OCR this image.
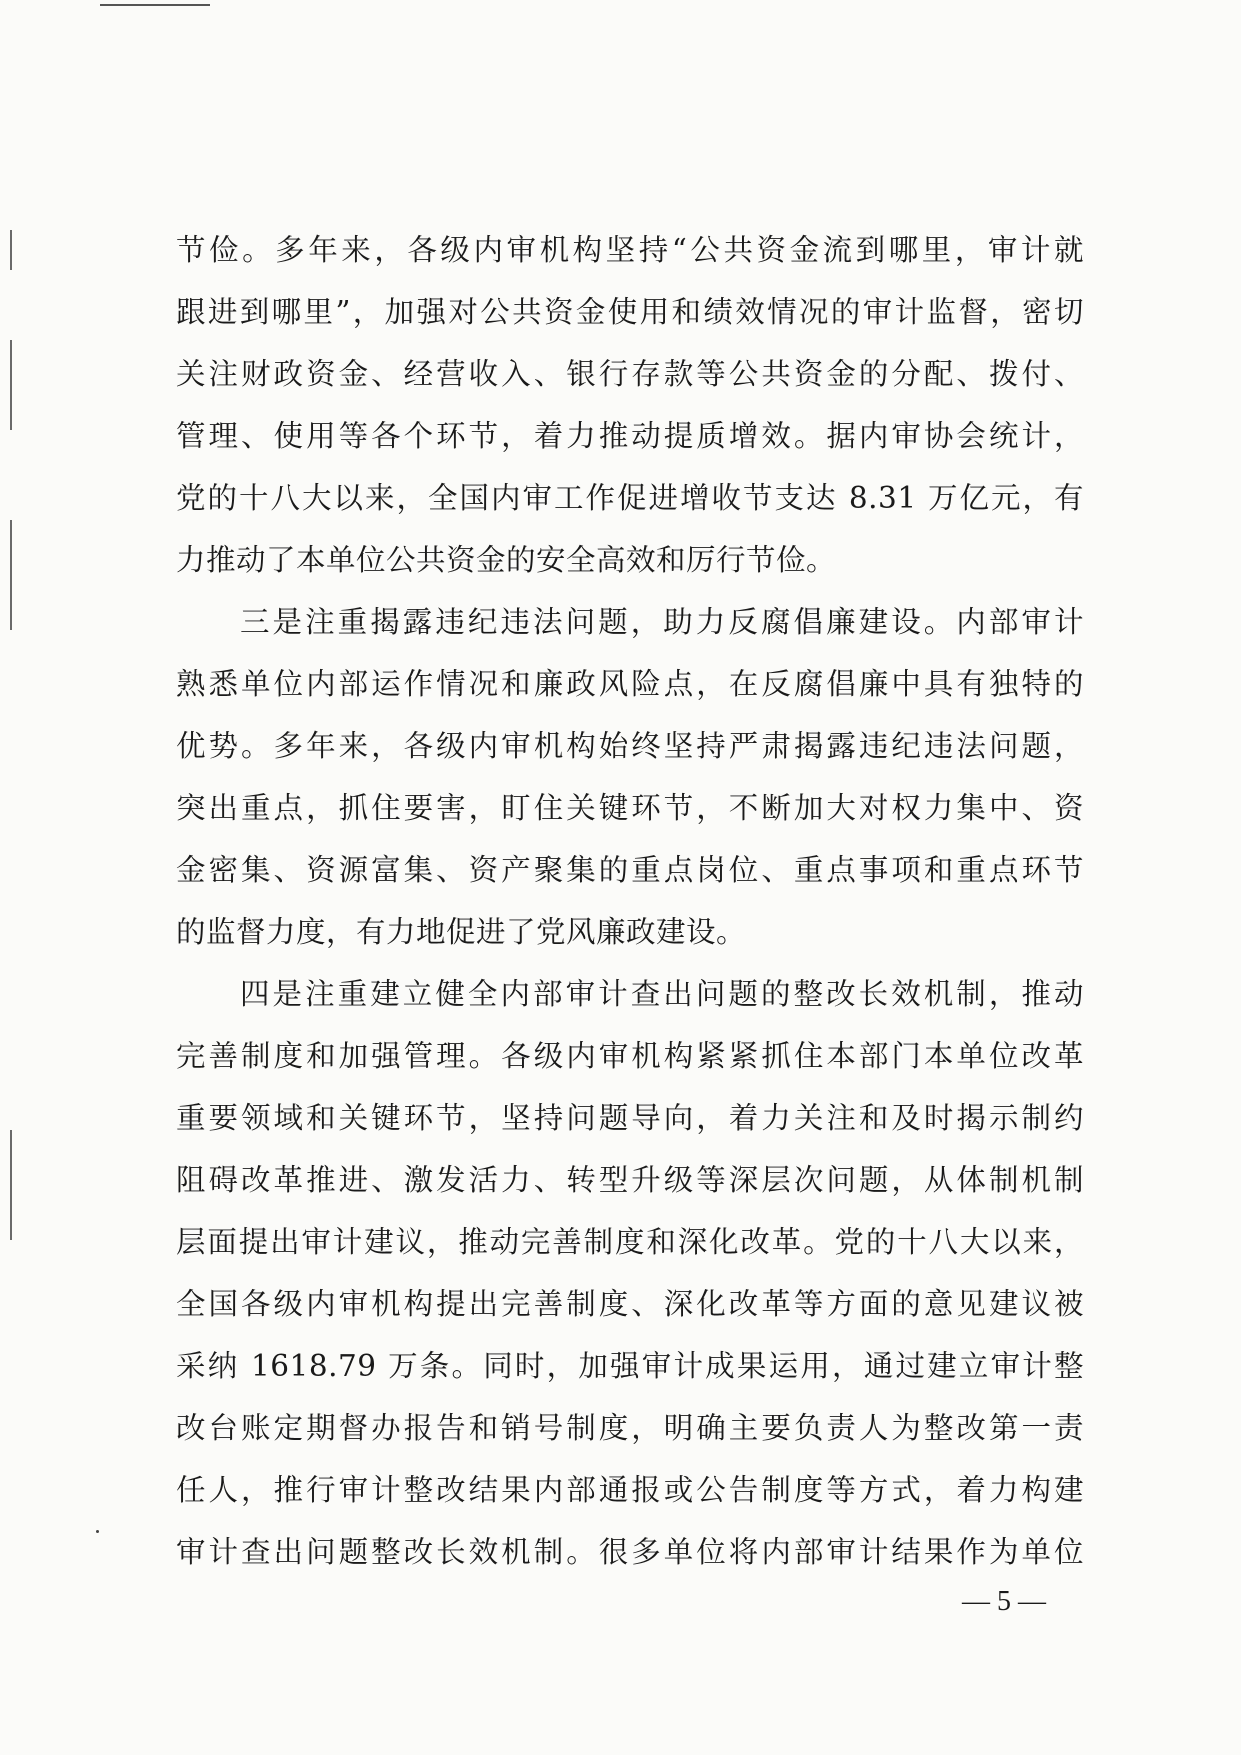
节俭。多年来，各级内审机构坚持“公共资金流到哪里，审计就
跟进到哪里”，加强对公共资金使用和绩效情况的审计监督，密切
关注财政资金、经营收入、银行存款等公共资金的分配、拨付、
管理、使用等各个环节，着力推动提质增效。据内审协会统计，
党的十八大以来，全国内审工作促进增收节支达 8.31 万亿元，有
力推动了本单位公共资金的安全高效和厉行节俭。
三是注重揭露违纪违法问题，助力反腐倡廉建设。内部审计
熟悉单位内部运作情况和廉政风险点，在反腐倡廉中具有独特的
优势。多年来，各级内审机构始终坚持严肃揭露违纪违法问题，
突出重点，抓住要害，盯住关键环节，不断加大对权力集中、资
金密集、资源富集、资产聚集的重点岗位、重点事项和重点环节
的监督力度，有力地促进了党风廉政建设。
四是注重建立健全内部审计查出问题的整改长效机制，推动
完善制度和加强管理。各级内审机构紧紧抓住本部门本单位改革
重要领域和关键环节，坚持问题导向，着力关注和及时揭示制约
阻碍改革推进、激发活力、转型升级等深层次问题，从体制机制
层面提出审计建议，推动完善制度和深化改革。党的十八大以来，
全国各级内审机构提出完善制度、深化改革等方面的意见建议被
采纳 1618.79 万条。同时，加强审计成果运用，通过建立审计整
改台账定期督办报告和销号制度，明确主要负责人为整改第一责
任人，推行审计整改结果内部通报或公告制度等方式，着力构建
审计查出问题整改长效机制。很多单位将内部审计结果作为单位
— 5 —
